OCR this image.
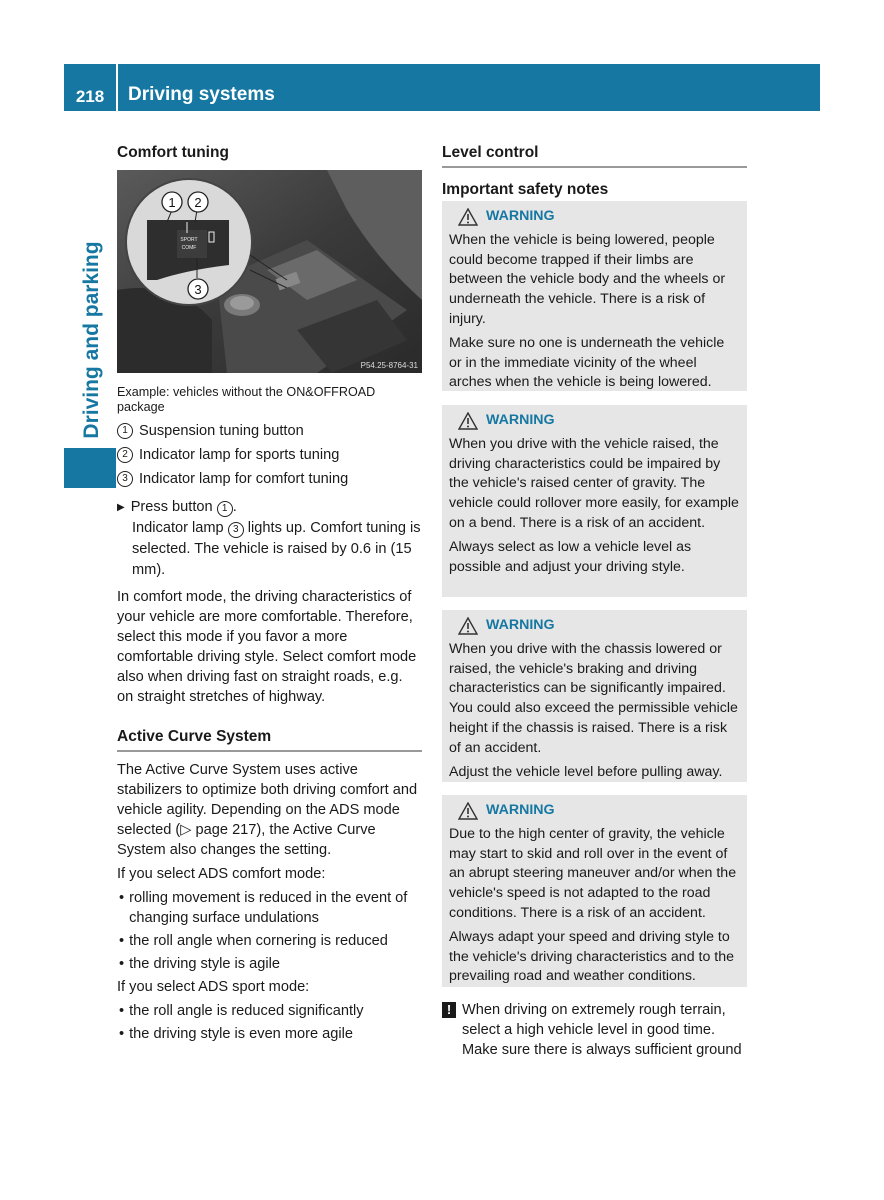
218	Driving systems
Driving and parking
Comfort tuning
SPORT
COMF
1 2
3
P54.25-8764-31

Example: vehicles without the ON&OFFROAD package

1 Suspension tuning button
2 Indicator lamp for sports tuning
3 Indicator lamp for comfort tuning
▶ Press button 1 .

Indicator lamp 3 lights up. Comfort tuning is selected. The vehicle is raised by 0.6 in (15 mm).

In comfort mode, the driving characteristics of your vehicle are more comfortable. Therefore, select this mode if you favor a more comfortable driving style. Select comfort mode also when driving fast on straight roads, e.g. on straight stretches of highway.

Active Curve System

The Active Curve System uses active stabilizers to optimize both driving comfort and vehicle agility. Depending on the ADS mode selected (▷ page 217), the Active Curve System also changes the setting.

If you select ADS comfort mode:

• rolling movement is reduced in the event of changing surface undulations
• the roll angle when cornering is reduced
• the driving style is agile

If you select ADS sport mode:

• the roll angle is reduced significantly
• the driving style is even more agile
Level control
Important safety notes
WARNING

When the vehicle is being lowered, people could become trapped if their limbs are between the vehicle body and the wheels or underneath the vehicle. There is a risk of injury.

Make sure no one is underneath the vehicle or in the immediate vicinity of the wheel arches when the vehicle is being lowered.

WARNING

When you drive with the vehicle raised, the driving characteristics could be impaired by the vehicle's raised center of gravity. The vehicle could rollover more easily, for example on a bend. There is a risk of an accident.

Always select as low a vehicle level as possible and adjust your driving style.

WARNING

When you drive with the chassis lowered or raised, the vehicle's braking and driving characteristics can be significantly impaired. You could also exceed the permissible vehicle height if the chassis is raised. There is a risk of an accident.

Adjust the vehicle level before pulling away.

WARNING

Due to the high center of gravity, the vehicle may start to skid and roll over in the event of an abrupt steering maneuver and/or when the vehicle's speed is not adapted to the road conditions. There is a risk of an accident.

Always adapt your speed and driving style to the vehicle's driving characteristics and to the prevailing road and weather conditions.

! When driving on extremely rough terrain, select a high vehicle level in good time. Make sure there is always sufficient ground
